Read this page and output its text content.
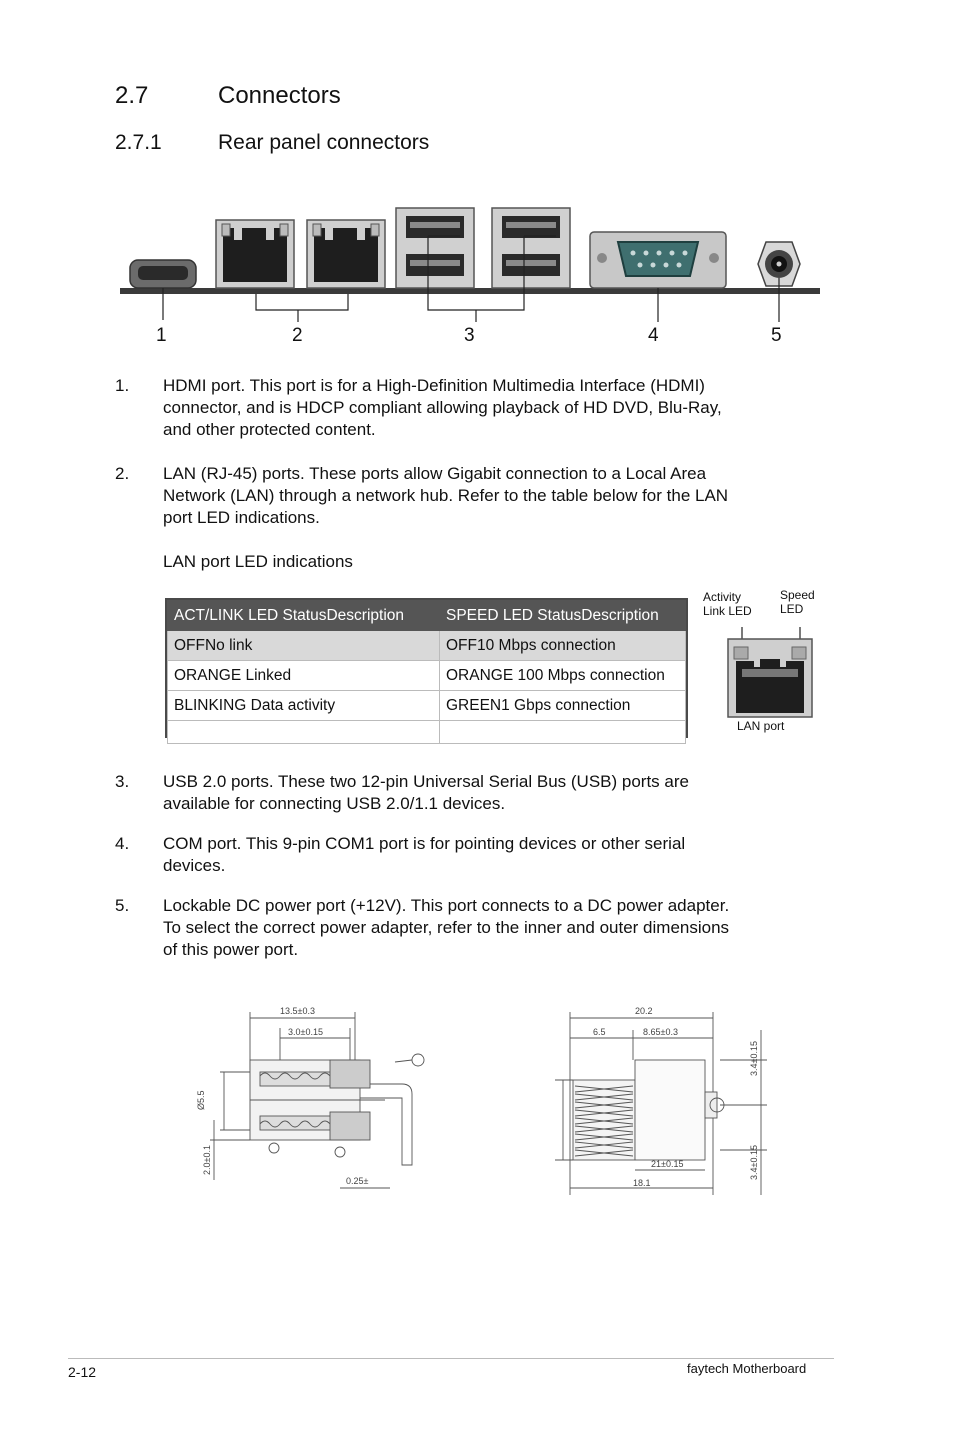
2.7	Connectors
2.7.1	Rear panel connectors
1	2	3	4	5
1. HDMI port. This port is for a High-Definition Multimedia Interface (HDMI)
connector, and is HDCP compliant allowing playback of HD DVD, Blu-Ray,
and other protected content.
2. LAN (RJ-45) ports. These ports allow Gigabit connection to a Local Area
Network (LAN) through a network hub. Refer to the table below for the LAN
port LED indications.
LAN port LED indications
ACT/LINK LED StatusDescription	SPEED LED StatusDescription
OFFNo link	OFF10 Mbps connection
ORANGE Linked	ORANGE 100 Mbps connection
BLINKING Data activity	GREEN1 Gbps connection

Activity
Link LED
Speed
LED
LAN port
3. USB 2.0 ports. These two 12-pin Universal Serial Bus (USB) ports are
available for connecting USB 2.0/1.1 devices.
4. COM port. This 9-pin COM1 port is for pointing devices or other serial
devices.
5. Lockable DC power port (+12V). This port connects to a DC power adapter.
To select the correct power adapter, refer to the inner and outer dimensions
of this power port.
13.5±0.3
3.0±0.15
Ø5.5
2.0±0.1
0.25±
20.2
6.5	8.65±0.3
21±0.15
18.1
3.4±0.15
3.4±0.15
2-12	faytech Motherboard
